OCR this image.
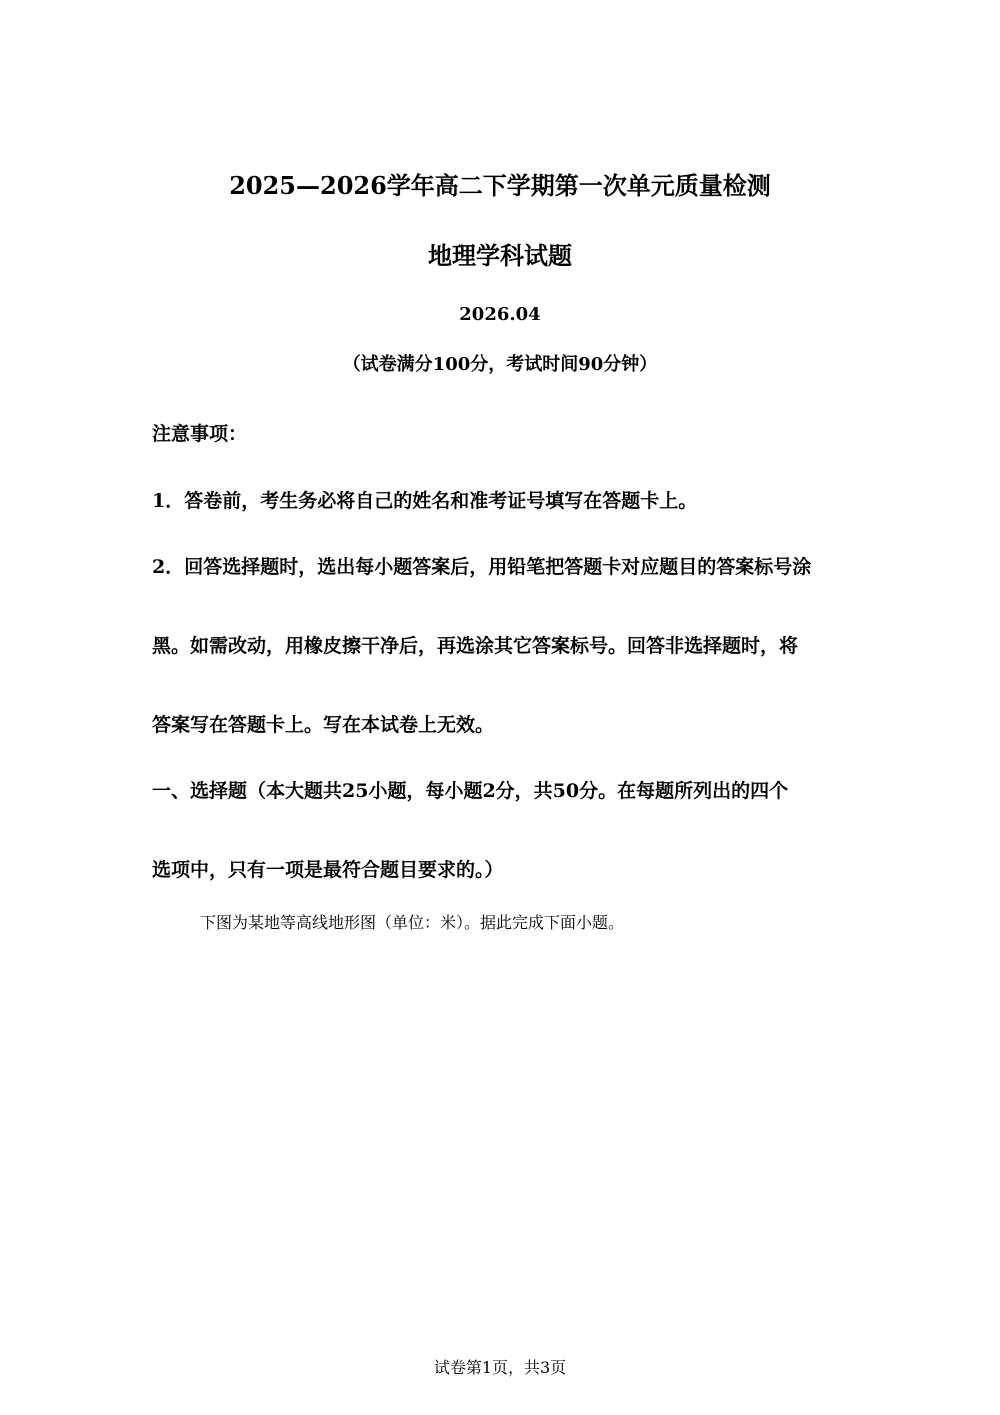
2025—2026学年高二下学期第一次单元质量检测
地理学科试题
2026.04
（试卷满分100分，考试时间90分钟）
注意事项：
1．答卷前，考生务必将自己的姓名和准考证号填写在答题卡上。
2．回答选择题时，选出每小题答案后，用铅笔把答题卡对应题目的答案标号涂
黑。如需改动，用橡皮擦干净后，再选涂其它答案标号。回答非选择题时，将
答案写在答题卡上。写在本试卷上无效。
一、选择题（本大题共25小题，每小题2分，共50分。在每题所列出的四个
选项中，只有一项是最符合题目要求的。）
下图为某地等高线地形图（单位：米）。据此完成下面小题。
试卷第1页，共3页
